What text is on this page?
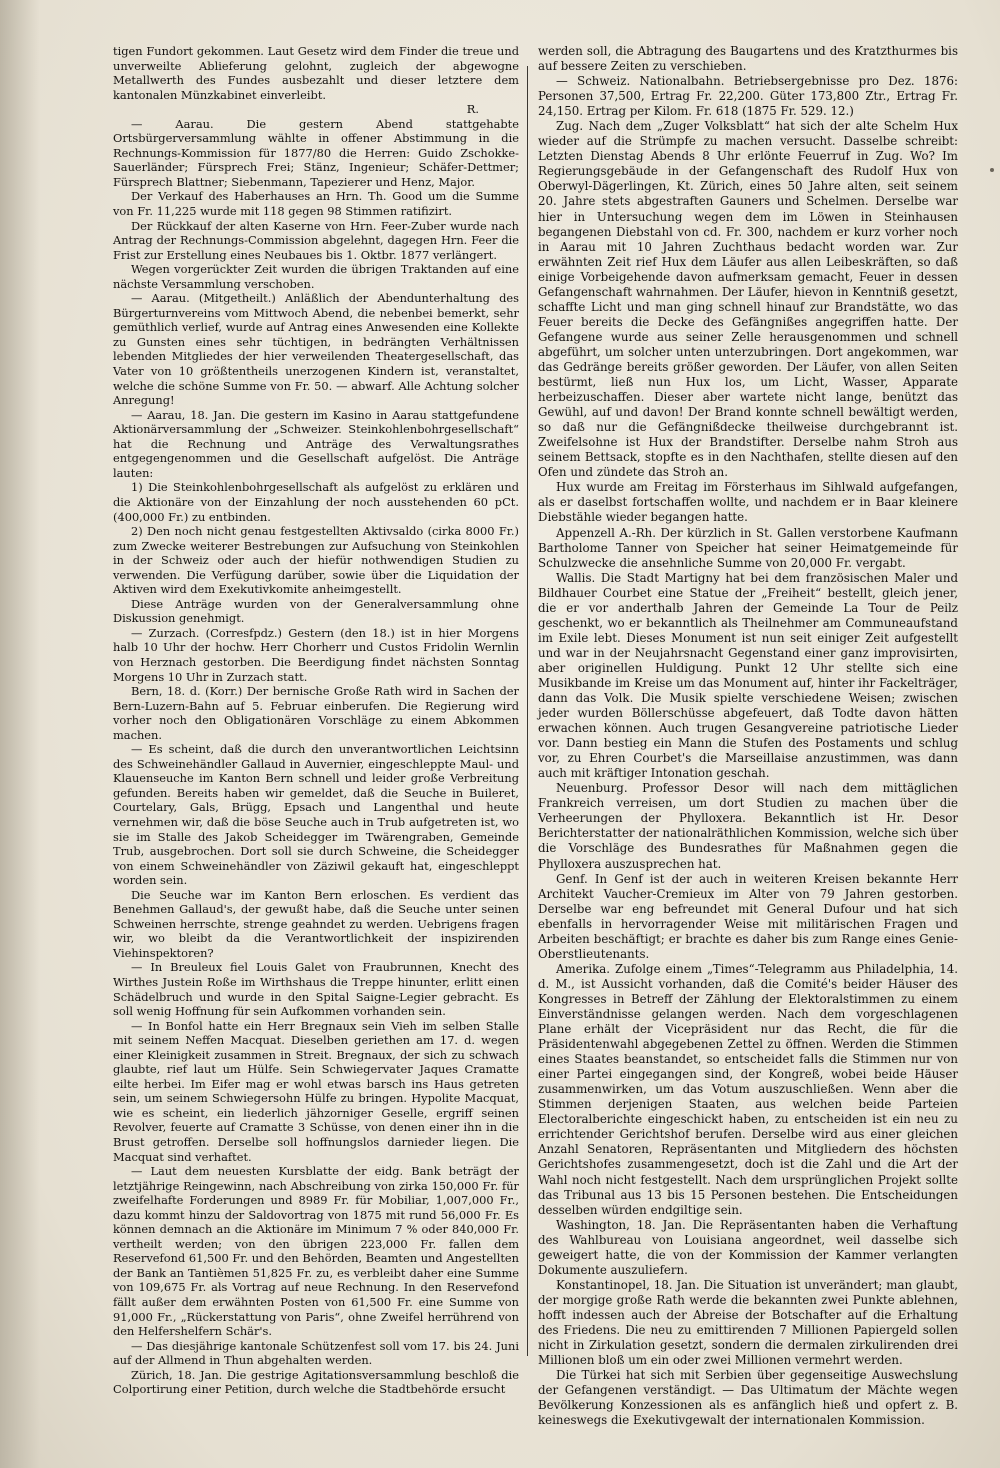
tigen Fundort gekommen. Laut Gesetz wird dem Finder die treue und unverweilte Ablieferung gelohnt, zugleich der abgewogne Metallwerth des Fundes ausbezahlt und dieser letztere dem kantonalen Münzkabinet einverleibt.

R.

— Aarau. Die gestern Abend stattgehabte Ortsbürgerversammlung wählte in offener Abstimmung in die Rechnungs-Kommission für 1877/80 die Herren: Guido Zschokke-Sauerländer; Fürsprech Frei; Stänz, Ingenieur; Schäfer-Dettmer; Fürsprech Blattner; Siebenmann, Tapezierer und Henz, Major.

Der Verkauf des Haberhauses an Hrn. Th. Good um die Summe von Fr. 11,225 wurde mit 118 gegen 98 Stimmen ratifizirt.

Der Rückkauf der alten Kaserne von Hrn. Feer-Zuber wurde nach Antrag der Rechnungs-Commission abgelehnt, dagegen Hrn. Feer die Frist zur Erstellung eines Neubaues bis 1. Oktbr. 1877 verlängert.

Wegen vorgerückter Zeit wurden die übrigen Traktanden auf eine nächste Versammlung verschoben.

— Aarau. (Mitgetheilt.) Anläßlich der Abendunterhaltung des Bürgerturnvereins vom Mittwoch Abend, die nebenbei bemerkt, sehr gemüthlich verlief, wurde auf Antrag eines Anwesenden eine Kollekte zu Gunsten eines sehr tüchtigen, in bedrängten Verhältnissen lebenden Mitgliedes der hier verweilenden Theatergesellschaft, das Vater von 10 größtentheils unerzogenen Kindern ist, veranstaltet, welche die schöne Summe von Fr. 50. — abwarf. Alle Achtung solcher Anregung!

— Aarau, 18. Jan. Die gestern im Kasino in Aarau stattgefundene Aktionärversammlung der „Schweizer. Steinkohlenbohrgesellschaft“ hat die Rechnung und Anträge des Verwaltungsrathes entgegengenommen und die Gesellschaft aufgelöst. Die Anträge lauten:

1) Die Steinkohlenbohrgesellschaft als aufgelöst zu erklären und die Aktionäre von der Einzahlung der noch ausstehenden 60 pCt. (400,000 Fr.) zu entbinden.

2) Den noch nicht genau festgestellten Aktivsaldo (cirka 8000 Fr.) zum Zwecke weiterer Bestrebungen zur Aufsuchung von Steinkohlen in der Schweiz oder auch der hiefür nothwendigen Studien zu verwenden. Die Verfügung darüber, sowie über die Liquidation der Aktiven wird dem Exekutivkomite anheimgestellt.

Diese Anträge wurden von der Generalversammlung ohne Diskussion genehmigt.

— Zurzach. (Corresfpdz.) Gestern (den 18.) ist in hier Morgens halb 10 Uhr der hochw. Herr Chorherr und Custos Fridolin Wernlin von Herznach gestorben. Die Beerdigung findet nächsten Sonntag Morgens 10 Uhr in Zurzach statt.

Bern, 18. d. (Korr.) Der bernische Große Rath wird in Sachen der Bern-Luzern-Bahn auf 5. Februar einberufen. Die Regierung wird vorher noch den Obligationären Vorschläge zu einem Abkommen machen.

— Es scheint, daß die durch den unverantwortlichen Leichtsinn des Schweinehändler Gallaud in Auvernier, eingeschleppte Maul- und Klauenseuche im Kanton Bern schnell und leider große Verbreitung gefunden. Bereits haben wir gemeldet, daß die Seuche in Buileret, Courtelary, Gals, Brügg, Epsach und Langenthal und heute vernehmen wir, daß die böse Seuche auch in Trub aufgetreten ist, wo sie im Stalle des Jakob Scheidegger im Twärengraben, Gemeinde Trub, ausgebrochen. Dort soll sie durch Schweine, die Scheidegger von einem Schweinehändler von Zäziwil gekauft hat, eingeschleppt worden sein.

Die Seuche war im Kanton Bern erloschen. Es verdient das Benehmen Gallaud's, der gewußt habe, daß die Seuche unter seinen Schweinen herrschte, strenge geahndet zu werden. Uebrigens fragen wir, wo bleibt da die Verantwortlichkeit der inspizirenden Viehinspektoren?

— In Breuleux fiel Louis Galet von Fraubrunnen, Knecht des Wirthes Justein Roße im Wirthshaus die Treppe hinunter, erlitt einen Schädelbruch und wurde in den Spital Saigne-Legier gebracht. Es soll wenig Hoffnung für sein Aufkommen vorhanden sein.

— In Bonfol hatte ein Herr Bregnaux sein Vieh im selben Stalle mit seinem Neffen Macquat. Dieselben geriethen am 17. d. wegen einer Kleinigkeit zusammen in Streit. Bregnaux, der sich zu schwach glaubte, rief laut um Hülfe. Sein Schwiegervater Jaques Cramatte eilte herbei. Im Eifer mag er wohl etwas barsch ins Haus getreten sein, um seinem Schwiegersohn Hülfe zu bringen. Hypolite Macquat, wie es scheint, ein liederlich jähzorniger Geselle, ergriff seinen Revolver, feuerte auf Cramatte 3 Schüsse, von denen einer ihn in die Brust getroffen. Derselbe soll hoffnungslos darnieder liegen. Die Macquat sind verhaftet.

— Laut dem neuesten Kursblatte der eidg. Bank beträgt der letztjährige Reingewinn, nach Abschreibung von zirka 150,000 Fr. für zweifelhafte Forderungen und 8989 Fr. für Mobiliar, 1,007,000 Fr., dazu kommt hinzu der Saldovortrag von 1875 mit rund 56,000 Fr. Es können demnach an die Aktionäre im Minimum 7 % oder 840,000 Fr. vertheilt werden; von den übrigen 223,000 Fr. fallen dem Reservefond 61,500 Fr. und den Behörden, Beamten und Angestellten der Bank an Tantièmen 51,825 Fr. zu, es verbleibt daher eine Summe von 109,675 Fr. als Vortrag auf neue Rechnung. In den Reservefond fällt außer dem erwähnten Posten von 61,500 Fr. eine Summe von 91,000 Fr., „Rückerstattung von Paris“, ohne Zweifel herrührend von den Helfershelfern Schär's.

— Das diesjährige kantonale Schützenfest soll vom 17. bis 24. Juni auf der Allmend in Thun abgehalten werden.

Zürich, 18. Jan. Die gestrige Agitationsversammlung beschloß die Colportirung einer Petition, durch welche die Stadtbehörde ersucht

werden soll, die Abtragung des Baugartens und des Kratzthurmes bis auf bessere Zeiten zu verschieben.

— Schweiz. Nationalbahn. Betriebsergebnisse pro Dez. 1876: Personen 37,500, Ertrag Fr. 22,200. Güter 173,800 Ztr., Ertrag Fr. 24,150. Ertrag per Kilom. Fr. 618 (1875 Fr. 529. 12.)

Zug. Nach dem „Zuger Volksblatt“ hat sich der alte Schelm Hux wieder auf die Strümpfe zu machen versucht. Dasselbe schreibt: Letzten Dienstag Abends 8 Uhr erlönte Feuerruf in Zug. Wo? Im Regierungsgebäude in der Gefangenschaft des Rudolf Hux von Oberwyl-Dägerlingen, Kt. Zürich, eines 50 Jahre alten, seit seinem 20. Jahre stets abgestraften Gauners und Schelmen. Derselbe war hier in Untersuchung wegen dem im Löwen in Steinhausen begangenen Diebstahl von cd. Fr. 300, nachdem er kurz vorher noch in Aarau mit 10 Jahren Zuchthaus bedacht worden war. Zur erwähnten Zeit rief Hux dem Läufer aus allen Leibeskräften, so daß einige Vorbeigehende davon aufmerksam gemacht, Feuer in dessen Gefangenschaft wahrnahmen. Der Läufer, hievon in Kenntniß gesetzt, schaffte Licht und man ging schnell hinauf zur Brandstätte, wo das Feuer bereits die Decke des Gefängnißes angegriffen hatte. Der Gefangene wurde aus seiner Zelle herausgenommen und schnell abgeführt, um solcher unten unterzubringen. Dort angekommen, war das Gedränge bereits größer geworden. Der Läufer, von allen Seiten bestürmt, ließ nun Hux los, um Licht, Wasser, Apparate herbeizuschaffen. Dieser aber wartete nicht lange, benützt das Gewühl, auf und davon! Der Brand konnte schnell bewältigt werden, so daß nur die Gefängnißdecke theilweise durchgebrannt ist. Zweifelsohne ist Hux der Brandstifter. Derselbe nahm Stroh aus seinem Bettsack, stopfte es in den Nachthafen, stellte diesen auf den Ofen und zündete das Stroh an.

Hux wurde am Freitag im Försterhaus im Sihlwald aufgefangen, als er daselbst fortschaffen wollte, und nachdem er in Baar kleinere Diebstähle wieder begangen hatte.

Appenzell A.-Rh. Der kürzlich in St. Gallen verstorbene Kaufmann Bartholome Tanner von Speicher hat seiner Heimatgemeinde für Schulzwecke die ansehnliche Summe von 20,000 Fr. vergabt.

Wallis. Die Stadt Martigny hat bei dem französischen Maler und Bildhauer Courbet eine Statue der „Freiheit“ bestellt, gleich jener, die er vor anderthalb Jahren der Gemeinde La Tour de Peilz geschenkt, wo er bekanntlich als Theilnehmer am Communeaufstand im Exile lebt. Dieses Monument ist nun seit einiger Zeit aufgestellt und war in der Neujahrsnacht Gegenstand einer ganz improvisirten, aber originellen Huldigung. Punkt 12 Uhr stellte sich eine Musikbande im Kreise um das Monument auf, hinter ihr Fackelträger, dann das Volk. Die Musik spielte verschiedene Weisen; zwischen jeder wurden Böllerschüsse abgefeuert, daß Todte davon hätten erwachen können. Auch trugen Gesangvereine patriotische Lieder vor. Dann bestieg ein Mann die Stufen des Postaments und schlug vor, zu Ehren Courbet's die Marseillaise anzustimmen, was dann auch mit kräftiger Intonation geschah.

Neuenburg. Professor Desor will nach dem mittäglichen Frankreich verreisen, um dort Studien zu machen über die Verheerungen der Phylloxera. Bekanntlich ist Hr. Desor Berichterstatter der nationalräthlichen Kommission, welche sich über die Vorschläge des Bundesrathes für Maßnahmen gegen die Phylloxera auszusprechen hat.

Genf. In Genf ist der auch in weiteren Kreisen bekannte Herr Architekt Vaucher-Cremieux im Alter von 79 Jahren gestorben. Derselbe war eng befreundet mit General Dufour und hat sich ebenfalls in hervorragender Weise mit militärischen Fragen und Arbeiten beschäftigt; er brachte es daher bis zum Range eines Genie-Oberstlieutenants.

Amerika. Zufolge einem „Times“-Telegramm aus Philadelphia, 14. d. M., ist Aussicht vorhanden, daß die Comité's beider Häuser des Kongresses in Betreff der Zählung der Elektoralstimmen zu einem Einverständnisse gelangen werden. Nach dem vorgeschlagenen Plane erhält der Vicepräsident nur das Recht, die für die Präsidentenwahl abgegebenen Zettel zu öffnen. Werden die Stimmen eines Staates beanstandet, so entscheidet falls die Stimmen nur von einer Partei eingegangen sind, der Kongreß, wobei beide Häuser zusammenwirken, um das Votum auszuschließen. Wenn aber die Stimmen derjenigen Staaten, aus welchen beide Parteien Electoralberichte eingeschickt haben, zu entscheiden ist ein neu zu errichtender Gerichtshof berufen. Derselbe wird aus einer gleichen Anzahl Senatoren, Repräsentanten und Mitgliedern des höchsten Gerichtshofes zusammengesetzt, doch ist die Zahl und die Art der Wahl noch nicht festgestellt. Nach dem ursprünglichen Projekt sollte das Tribunal aus 13 bis 15 Personen bestehen. Die Entscheidungen desselben würden endgiltige sein.

Washington, 18. Jan. Die Repräsentanten haben die Verhaftung des Wahlbureau von Louisiana angeordnet, weil dasselbe sich geweigert hatte, die von der Kommission der Kammer verlangten Dokumente auszuliefern.

Konstantinopel, 18. Jan. Die Situation ist unverändert; man glaubt, der morgige große Rath werde die bekannten zwei Punkte ablehnen, hofft indessen auch der Abreise der Botschafter auf die Erhaltung des Friedens. Die neu zu emittirenden 7 Millionen Papiergeld sollen nicht in Zirkulation gesetzt, sondern die dermalen zirkulirenden drei Millionen bloß um ein oder zwei Millionen vermehrt werden.

Die Türkei hat sich mit Serbien über gegenseitige Auswechslung der Gefangenen verständigt. — Das Ultimatum der Mächte wegen Bevölkerung Konzessionen als es anfänglich hieß und opfert z. B. keineswegs die Exekutivgewalt der internationalen Kommission.
